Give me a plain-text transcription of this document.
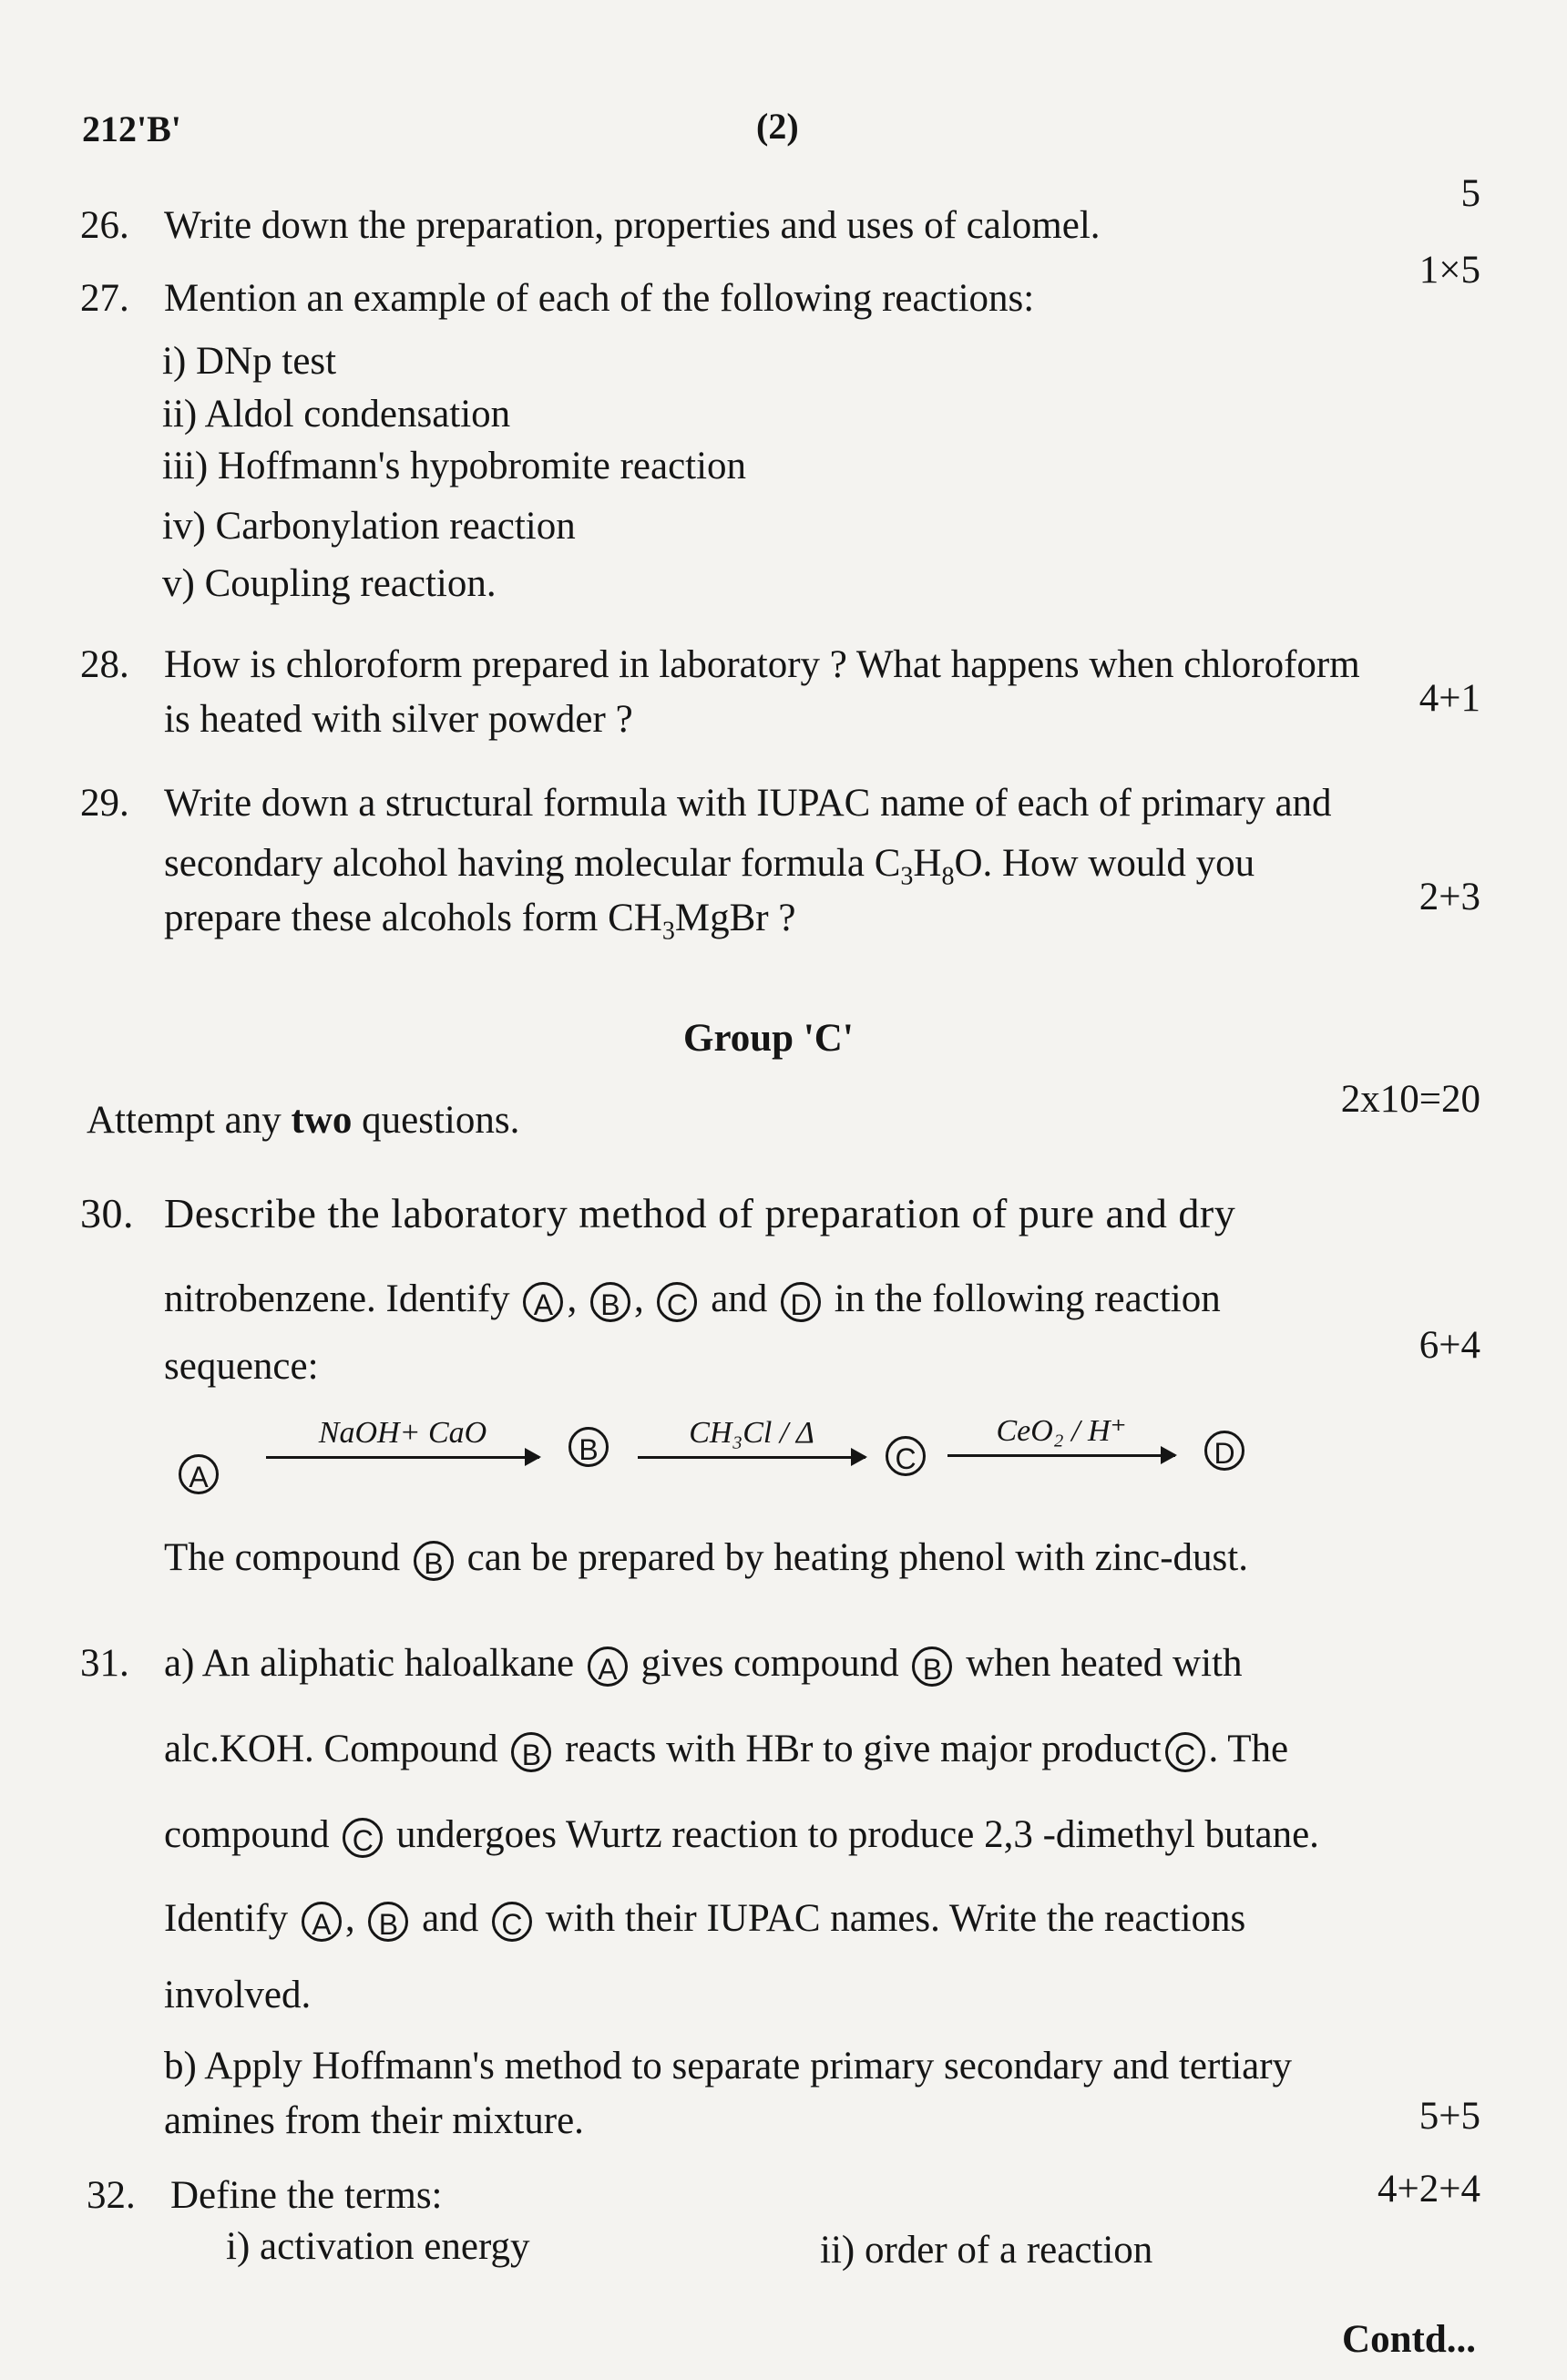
212'B'	(2)
26. Write down the preparation, properties and uses of calomel.
5
27. Mention an example of each of the following reactions:
1×5
i) DNp test
ii) Aldol condensation
iii) Hoffmann's hypobromite reaction
iv) Carbonylation reaction
v) Coupling reaction.
28. How is chloroform prepared in laboratory ? What happens when chloroform
is heated with silver powder ?	4+1
29. Write down a structural formula with IUPAC name of each of primary and
secondary alcohol having molecular formula $C_3H_8O$. How would you
prepare these alcohols form $CH_3MgBr$ ?	2+3
Group 'C'
Attempt any two questions.	2x10=20
30. Describe the laboratory method of preparation of pure and dry
nitrobenzene. Identify A , B , C and D in the following reaction
sequence:	6+4
A
NaOH+ CaO	B	CH₃Cl / Δ
C
CeO₂ / H⁺
D
The compound B can be prepared by heating phenol with zinc-dust.
31. a) An aliphatic haloalkane A gives compound B when heated with
alc.KOH. Compound B reacts with HBr to give major product C . The
compound C undergoes Wurtz reaction to produce 2,3 -dimethyl butane.
Identify A , B and C with their IUPAC names. Write the reactions
involved.
b) Apply Hoffmann's method to separate primary secondary and tertiary
amines from their mixture.	5+5
32. Define the terms:	4+2+4
i) activation energy	ii) order of a reaction
Contd...
